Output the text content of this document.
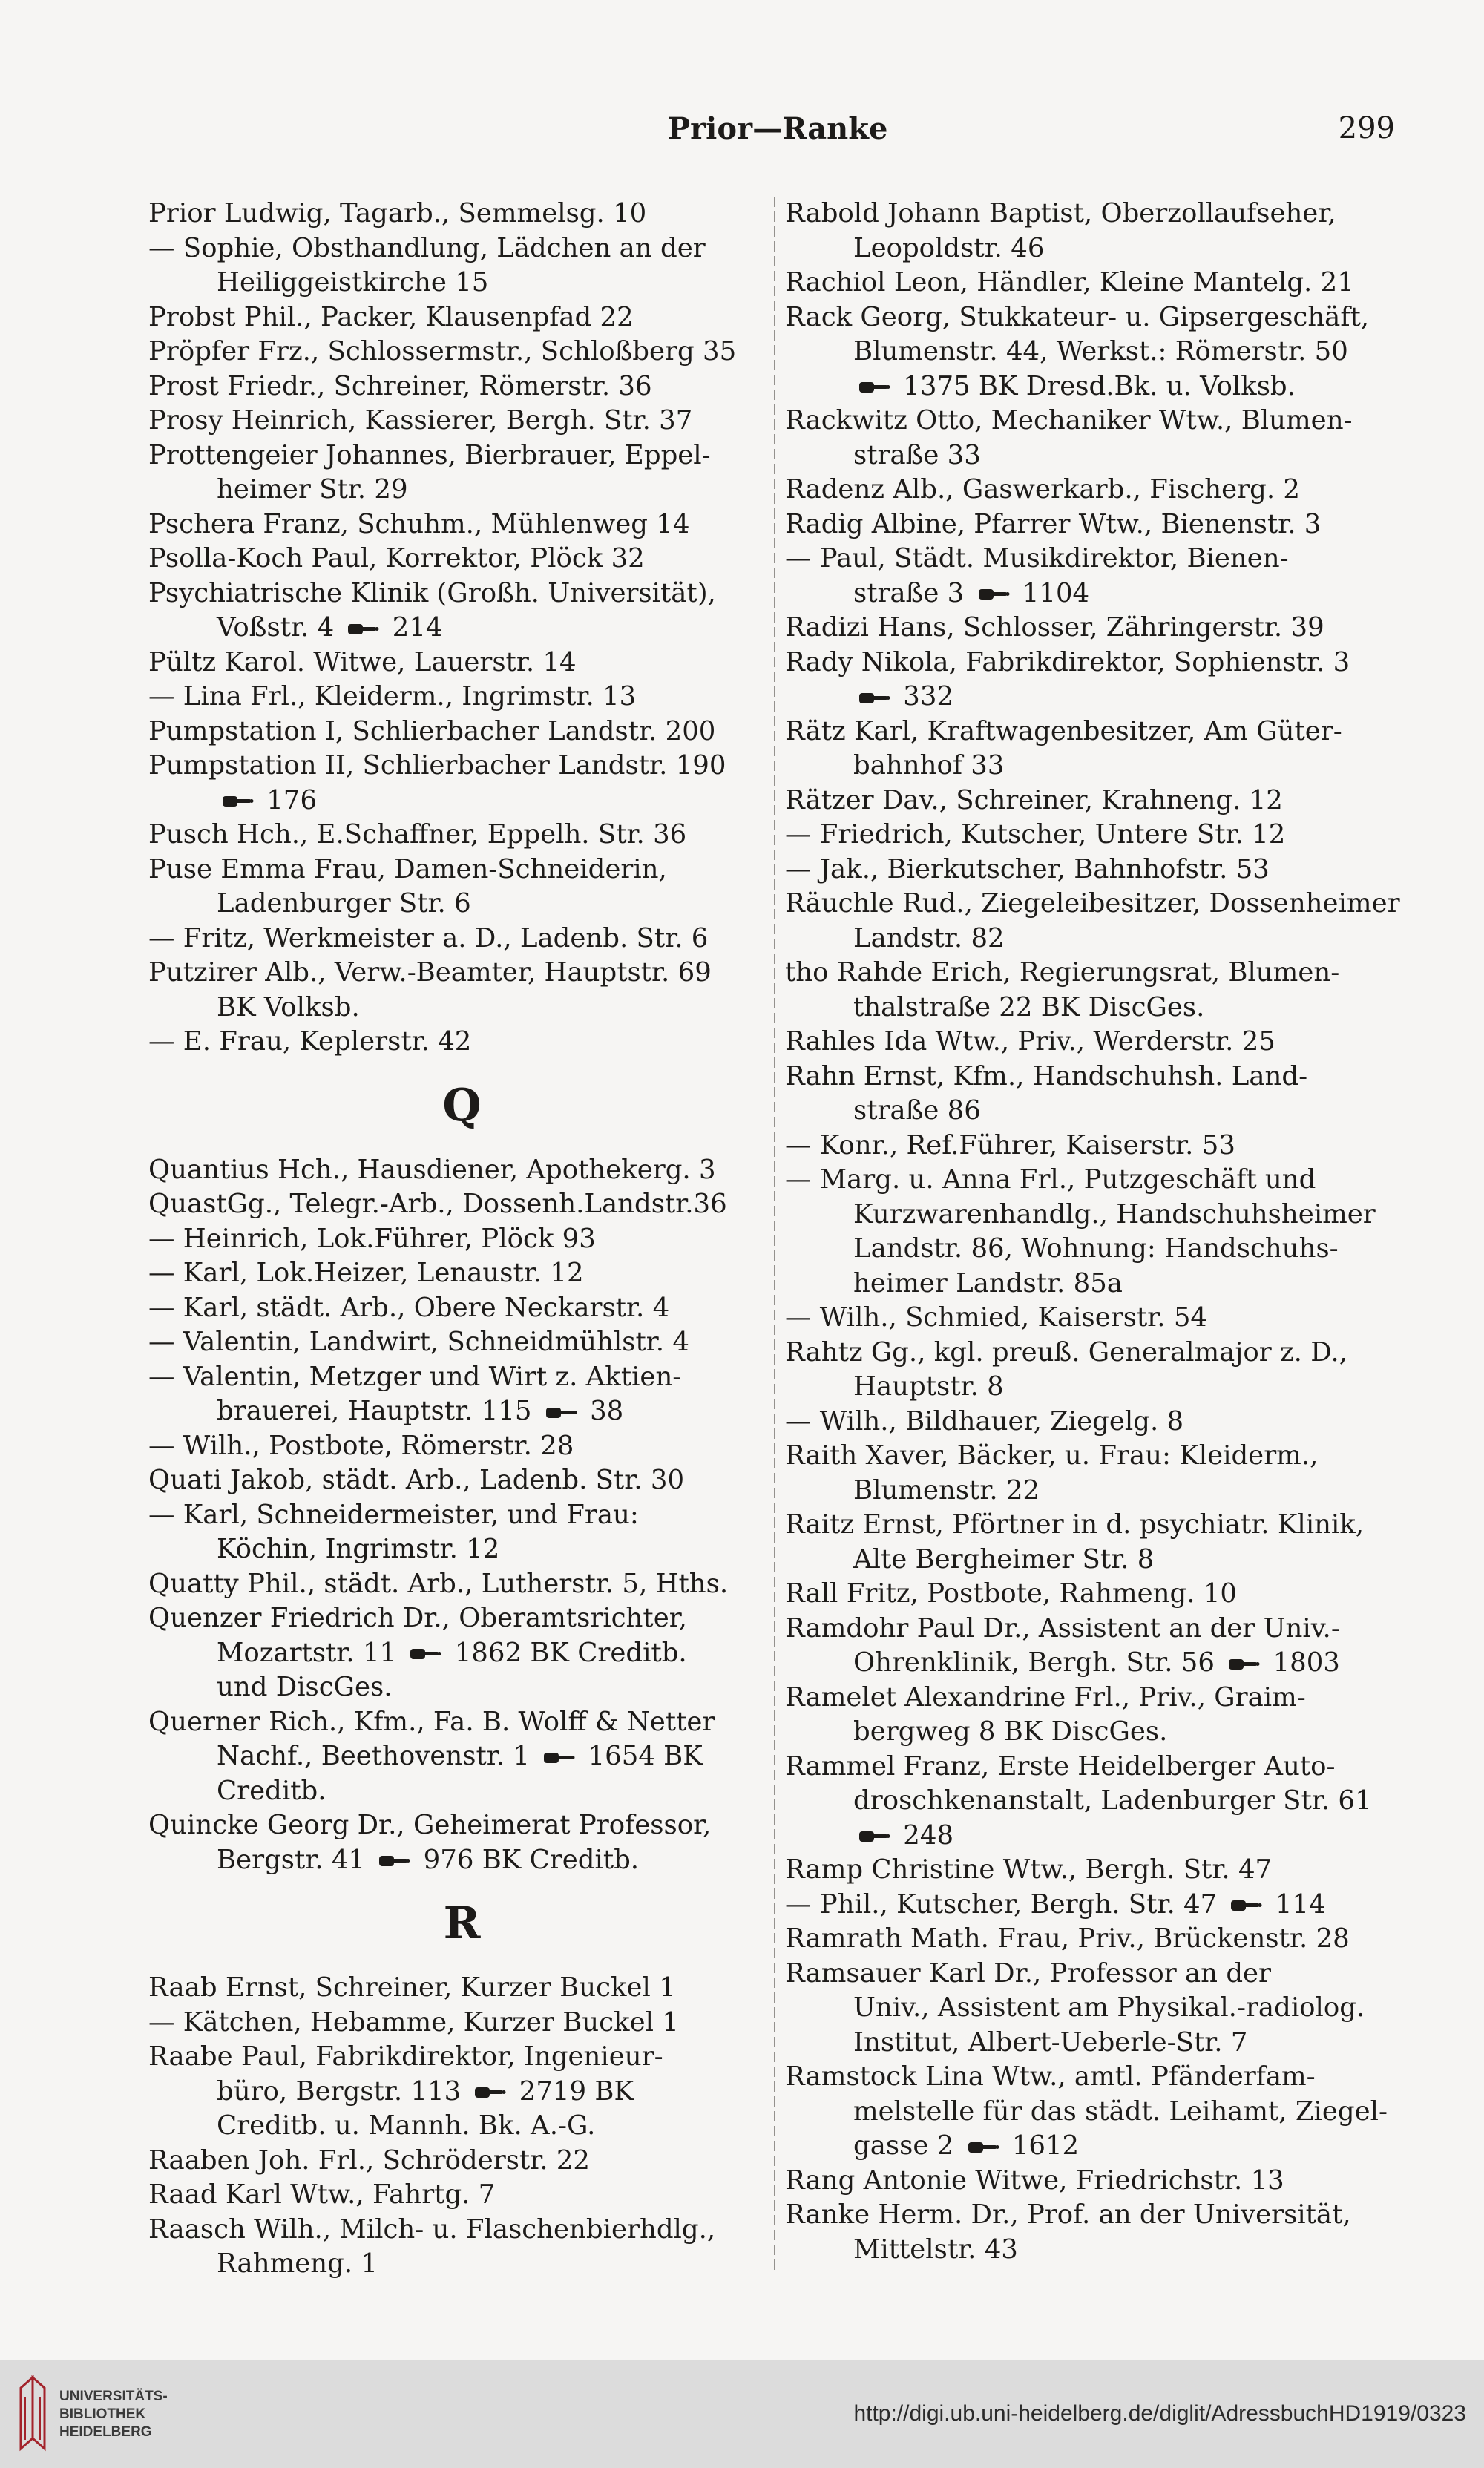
Prior—Ranke	299
Prior Ludwig, Tagarb., Semmelsg. 10
— Sophie, Obsthandlung, Lädchen an der
Heiliggeistkirche 15
Probst Phil., Packer, Klausenpfad 22
Pröpfer Frz., Schlossermstr., Schloßberg 35
Prost Friedr., Schreiner, Römerstr. 36
Prosy Heinrich, Kassierer, Bergh. Str. 37
Prottengeier Johannes, Bierbrauer, Eppel-
heimer Str. 29
Pschera Franz, Schuhm., Mühlenweg 14
Psolla-Koch Paul, Korrektor, Plöck 32
Psychiatrische Klinik (Großh. Universität),
Voßstr. 4  214
Pültz Karol. Witwe, Lauerstr. 14
— Lina Frl., Kleiderm., Ingrimstr. 13
Pumpstation I, Schlierbacher Landstr. 200
Pumpstation II, Schlierbacher Landstr. 190
176
Pusch Hch., E.Schaffner, Eppelh. Str. 36
Puse Emma Frau, Damen-Schneiderin,
Ladenburger Str. 6
— Fritz, Werkmeister a. D., Ladenb. Str. 6
Putzirer Alb., Verw.-Beamter, Hauptstr. 69
BK Volksb.
— E. Frau, Keplerstr. 42
Q
Quantius Hch., Hausdiener, Apothekerg. 3
QuastGg., Telegr.-Arb., Dossenh.Landstr.36
— Heinrich, Lok.Führer, Plöck 93
— Karl, Lok.Heizer, Lenaustr. 12
— Karl, städt. Arb., Obere Neckarstr. 4
— Valentin, Landwirt, Schneidmühlstr. 4
— Valentin, Metzger und Wirt z. Aktien-
brauerei, Hauptstr. 115  38
— Wilh., Postbote, Römerstr. 28
Quati Jakob, städt. Arb., Ladenb. Str. 30
— Karl, Schneidermeister, und Frau:
Köchin, Ingrimstr. 12
Quatty Phil., städt. Arb., Lutherstr. 5, Hths.
Quenzer Friedrich Dr., Oberamtsrichter,
Mozartstr. 11  1862 BK Creditb.
und DiscGes.
Querner Rich., Kfm., Fa. B. Wolff & Netter
Nachf., Beethovenstr. 1  1654 BK
Creditb.
Quincke Georg Dr., Geheimerat Professor,
Bergstr. 41  976 BK Creditb.
R
Raab Ernst, Schreiner, Kurzer Buckel 1
— Kätchen, Hebamme, Kurzer Buckel 1
Raabe Paul, Fabrikdirektor, Ingenieur-
büro, Bergstr. 113  2719 BK
Creditb. u. Mannh. Bk. A.-G.
Raaben Joh. Frl., Schröderstr. 22
Raad Karl Wtw., Fahrtg. 7
Raasch Wilh., Milch- u. Flaschenbierhdlg.,
Rahmeng. 1
Rabold Johann Baptist, Oberzollaufseher,
Leopoldstr. 46
Rachiol Leon, Händler, Kleine Mantelg. 21
Rack Georg, Stukkateur- u. Gipsergeschäft,
Blumenstr. 44, Werkst.: Römerstr. 50
1375 BK Dresd.Bk. u. Volksb.
Rackwitz Otto, Mechaniker Wtw., Blumen-
straße 33
Radenz Alb., Gaswerkarb., Fischerg. 2
Radig Albine, Pfarrer Wtw., Bienenstr. 3
— Paul, Städt. Musikdirektor, Bienen-
straße 3  1104
Radizi Hans, Schlosser, Zähringerstr. 39
Rady Nikola, Fabrikdirektor, Sophienstr. 3
332
Rätz Karl, Kraftwagenbesitzer, Am Güter-
bahnhof 33
Rätzer Dav., Schreiner, Krahneng. 12
— Friedrich, Kutscher, Untere Str. 12
— Jak., Bierkutscher, Bahnhofstr. 53
Räuchle Rud., Ziegeleibesitzer, Dossenheimer
Landstr. 82
tho Rahde Erich, Regierungsrat, Blumen-
thalstraße 22 BK DiscGes.
Rahles Ida Wtw., Priv., Werderstr. 25
Rahn Ernst, Kfm., Handschuhsh. Land-
straße 86
— Konr., Ref.Führer, Kaiserstr. 53
— Marg. u. Anna Frl., Putzgeschäft und
Kurzwarenhandlg., Handschuhsheimer
Landstr. 86, Wohnung: Handschuhs-
heimer Landstr. 85a
— Wilh., Schmied, Kaiserstr. 54
Rahtz Gg., kgl. preuß. Generalmajor z. D.,
Hauptstr. 8
— Wilh., Bildhauer, Ziegelg. 8
Raith Xaver, Bäcker, u. Frau: Kleiderm.,
Blumenstr. 22
Raitz Ernst, Pförtner in d. psychiatr. Klinik,
Alte Bergheimer Str. 8
Rall Fritz, Postbote, Rahmeng. 10
Ramdohr Paul Dr., Assistent an der Univ.-
Ohrenklinik, Bergh. Str. 56  1803
Ramelet Alexandrine Frl., Priv., Graim-
bergweg 8 BK DiscGes.
Rammel Franz, Erste Heidelberger Auto-
droschkenanstalt, Ladenburger Str. 61
248
Ramp Christine Wtw., Bergh. Str. 47
— Phil., Kutscher, Bergh. Str. 47  114
Ramrath Math. Frau, Priv., Brückenstr. 28
Ramsauer Karl Dr., Professor an der
Univ., Assistent am Physikal.-radiolog.
Institut, Albert-Ueberle-Str. 7
Ramstock Lina Wtw., amtl. Pfänderfam-
melstelle für das städt. Leihamt, Ziegel-
gasse 2  1612
Rang Antonie Witwe, Friedrichstr. 13
Ranke Herm. Dr., Prof. an der Universität,
Mittelstr. 43
UNIVERSITÄTS-
BIBLIOTHEK
HEIDELBERG
http://digi.ub.uni-heidelberg.de/diglit/AdressbuchHD1919/0323
